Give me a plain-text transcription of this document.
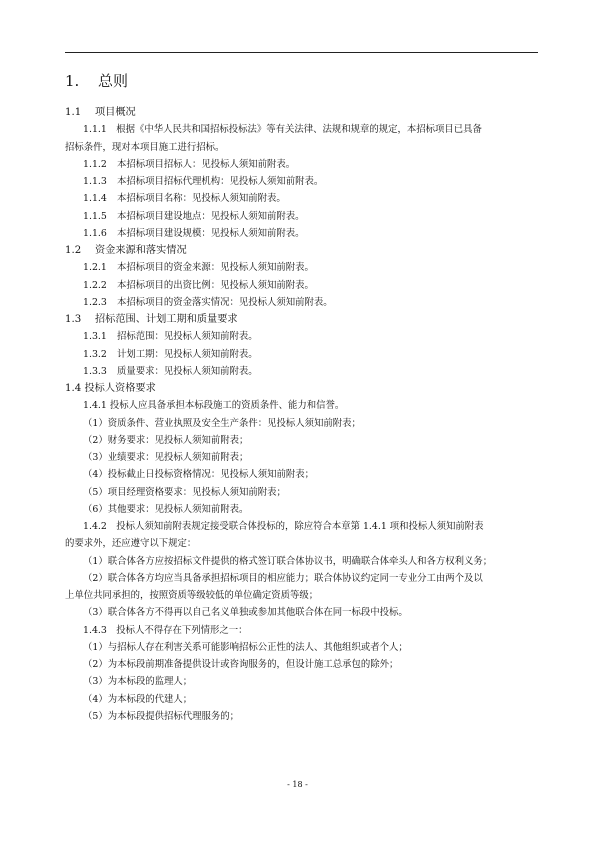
1. 总则
1.1 项目概况
1.1.1　根据《中华人民共和国招标投标法》等有关法律、法规和规章的规定，本招标项目已具备
招标条件，现对本项目施工进行招标。
1.1.2 本招标项目招标人：见投标人须知前附表。
1.1.3 本招标项目招标代理机构：见投标人须知前附表。
1.1.4 本招标项目名称：见投标人须知前附表。
1.1.5 本招标项目建设地点：见投标人须知前附表。
1.1.6 本招标项目建设规模：见投标人须知前附表。
1.2 资金来源和落实情况
1.2.1 本招标项目的资金来源：见投标人须知前附表。
1.2.2 本招标项目的出资比例：见投标人须知前附表。
1.2.3 本招标项目的资金落实情况：见投标人须知前附表。
1.3 招标范围、计划工期和质量要求
1.3.1 招标范围：见投标人须知前附表。
1.3.2 计划工期：见投标人须知前附表。
1.3.3 质量要求：见投标人须知前附表。
1.4 投标人资格要求
1.4.1 投标人应具备承担本标段施工的资质条件、能力和信誉。
（1）资质条件、营业执照及安全生产条件：见投标人须知前附表；
（2）财务要求：见投标人须知前附表；
（3）业绩要求：见投标人须知前附表；
（4）投标截止日投标资格情况：见投标人须知前附表；
（5）项目经理资格要求：见投标人须知前附表；
（6）其他要求：见投标人须知前附表。
1.4.2　投标人须知前附表规定接受联合体投标的，除应符合本章第 1.4.1 项和投标人须知前附表
的要求外，还应遵守以下规定：
（1）联合体各方应按招标文件提供的格式签订联合体协议书，明确联合体牵头人和各方权利义务；
（2）联合体各方均应当具备承担招标项目的相应能力；联合体协议约定同一专业分工由两个及以
上单位共同承担的，按照资质等级较低的单位确定资质等级；
（3）联合体各方不得再以自己名义单独或参加其他联合体在同一标段中投标。
1.4.3　投标人不得存在下列情形之一：
（1）与招标人存在利害关系可能影响招标公正性的法人、其他组织或者个人；
（2）为本标段前期准备提供设计或咨询服务的，但设计施工总承包的除外；
（3）为本标段的监理人；
（4）为本标段的代建人；
（5）为本标段提供招标代理服务的；
- 18 -
